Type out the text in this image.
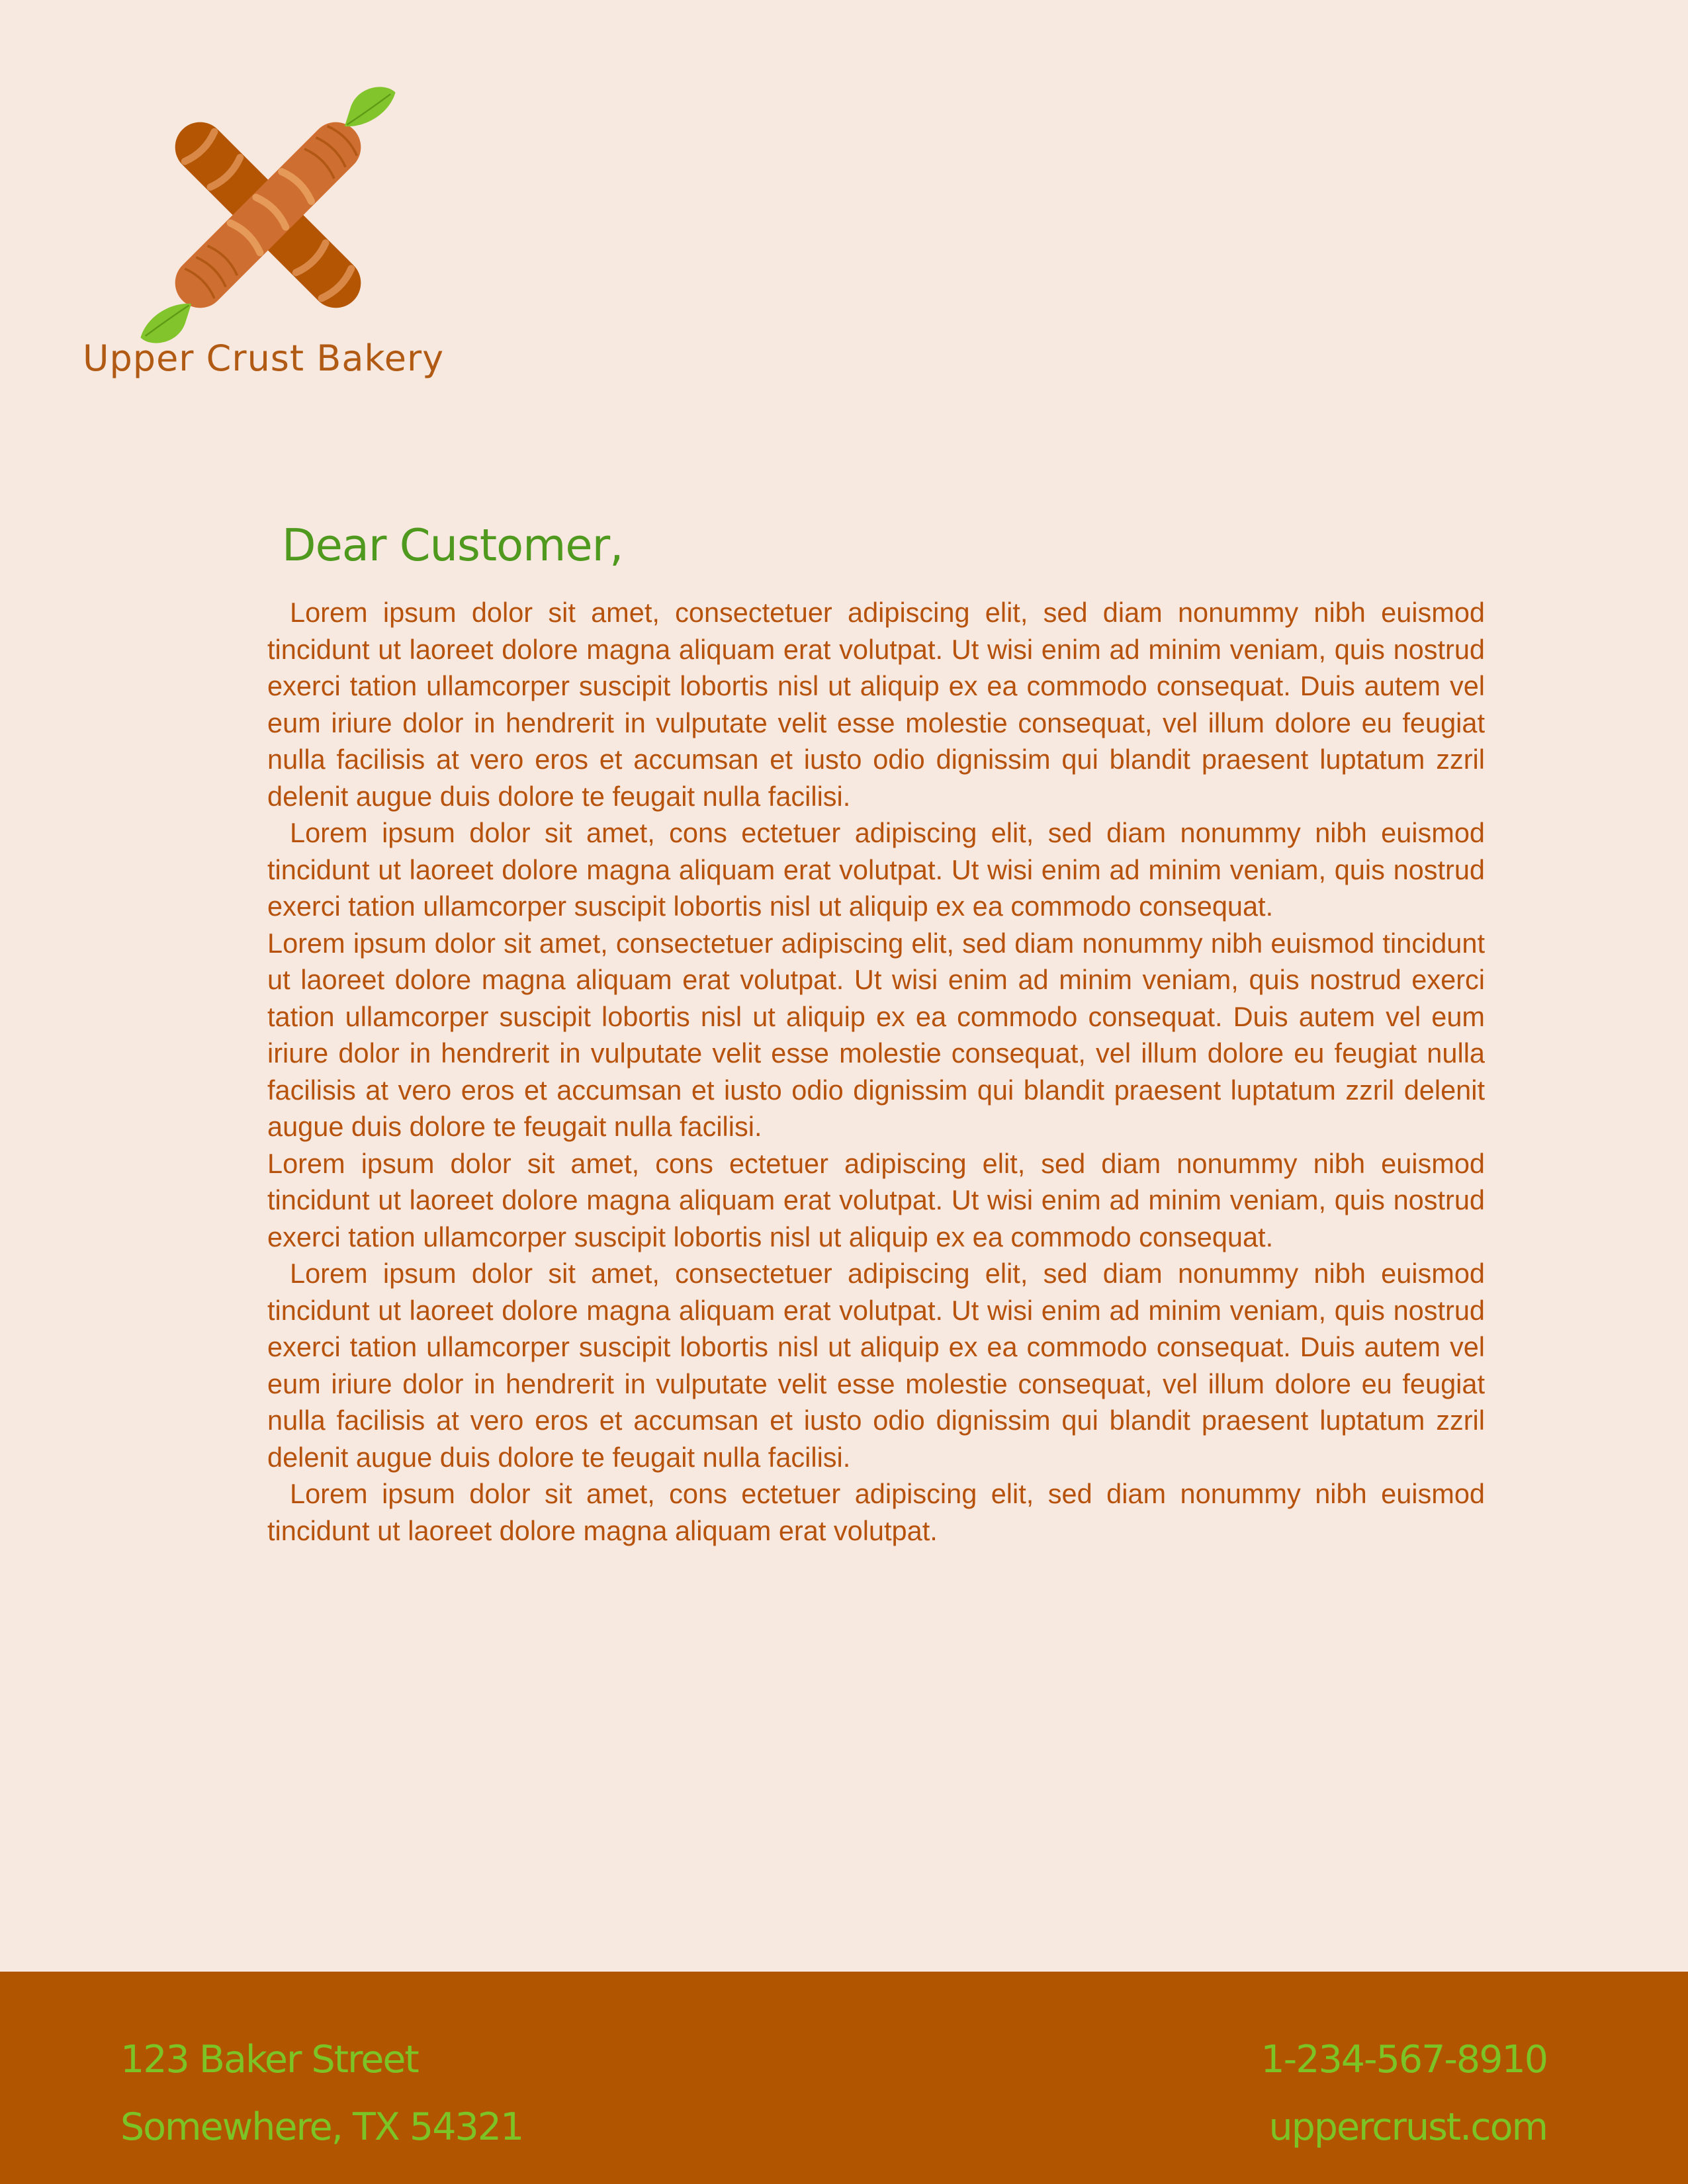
Upper Crust Bakery
Dear Customer,

Lorem ipsum dolor sit amet, consectetuer adipiscing elit, sed diam nonummy nibh euismod tincidunt ut laoreet dolore magna aliquam erat volutpat. Ut wisi enim ad minim veniam, quis nostrud exerci tation ullamcorper suscipit lobortis nisl ut aliquip ex ea commodo consequat. Duis autem vel eum iriure dolor in hendrerit in vulputate velit esse molestie consequat, vel illum dolore eu feugiat nulla facilisis at vero eros et accumsan et iusto odio dignissim qui blandit praesent luptatum zzril delenit augue duis dolore te feugait nulla facilisi.

Lorem ipsum dolor sit amet, cons ectetuer adipiscing elit, sed diam nonummy nibh euismod tincidunt ut laoreet dolore magna aliquam erat volutpat. Ut wisi enim ad minim veniam, quis nostrud exerci tation ullamcorper suscipit lobortis nisl ut aliquip ex ea commodo consequat.

Lorem ipsum dolor sit amet, consectetuer adipiscing elit, sed diam nonummy nibh euismod tincidunt ut laoreet dolore magna aliquam erat volutpat. Ut wisi enim ad minim veniam, quis nostrud exerci tation ullamcorper suscipit lobortis nisl ut aliquip ex ea commodo consequat. Duis autem vel eum iriure dolor in hendrerit in vulputate velit esse molestie consequat, vel illum dolore eu feugiat nulla facilisis at vero eros et accumsan et iusto odio dignissim qui blandit praesent luptatum zzril delenit augue duis dolore te feugait nulla facilisi.

Lorem ipsum dolor sit amet, cons ectetuer adipiscing elit, sed diam nonummy nibh euismod tincidunt ut laoreet dolore magna aliquam erat volutpat. Ut wisi enim ad minim veniam, quis nostrud exerci tation ullamcorper suscipit lobortis nisl ut aliquip ex ea commodo consequat.

Lorem ipsum dolor sit amet, consectetuer adipiscing elit, sed diam nonummy nibh euismod tincidunt ut laoreet dolore magna aliquam erat volutpat. Ut wisi enim ad minim veniam, quis nostrud exerci tation ullamcorper suscipit lobortis nisl ut aliquip ex ea commodo consequat. Duis autem vel eum iriure dolor in hendrerit in vulputate velit esse molestie consequat, vel illum dolore eu feugiat nulla facilisis at vero eros et accumsan et iusto odio dignissim qui blandit praesent luptatum zzril delenit augue duis dolore te feugait nulla facilisi.

Lorem ipsum dolor sit amet, cons ectetuer adipiscing elit, sed diam nonummy nibh euismod tincidunt ut laoreet dolore magna aliquam erat volutpat.

123 Baker Street
Somewhere, TX 54321
1-234-567-8910
uppercrust.com
